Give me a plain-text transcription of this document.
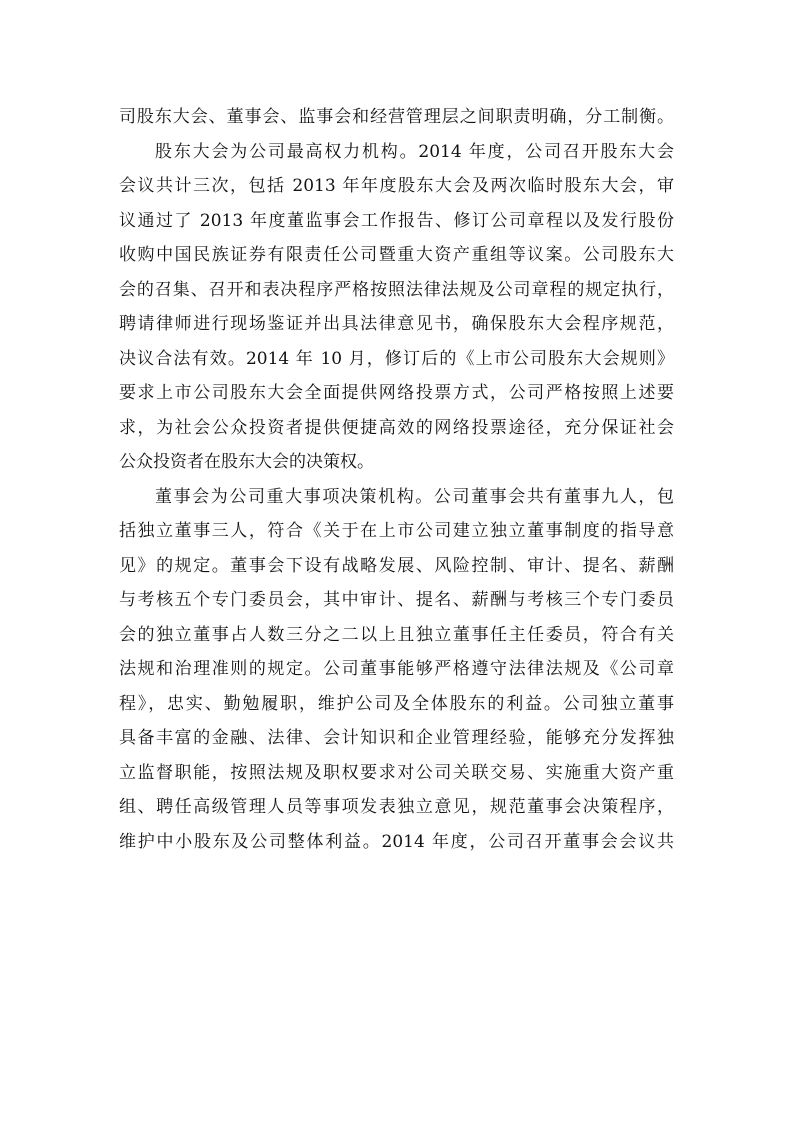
司股东大会、董事会、监事会和经营管理层之间职责明确，分工制衡。
股东大会为公司最高权力机构。2014 年度，公司召开股东大会
会议共计三次，包括 2013 年年度股东大会及两次临时股东大会，审
议通过了 2013 年度董监事会工作报告、修订公司章程以及发行股份
收购中国民族证券有限责任公司暨重大资产重组等议案。公司股东大
会的召集、召开和表决程序严格按照法律法规及公司章程的规定执行，
聘请律师进行现场鉴证并出具法律意见书，确保股东大会程序规范，
决议合法有效。2014 年 10 月，修订后的《上市公司股东大会规则》
要求上市公司股东大会全面提供网络投票方式，公司严格按照上述要
求，为社会公众投资者提供便捷高效的网络投票途径，充分保证社会
公众投资者在股东大会的决策权。
董事会为公司重大事项决策机构。公司董事会共有董事九人，包
括独立董事三人，符合《关于在上市公司建立独立董事制度的指导意
见》的规定。董事会下设有战略发展、风险控制、审计、提名、薪酬
与考核五个专门委员会，其中审计、提名、薪酬与考核三个专门委员
会的独立董事占人数三分之二以上且独立董事任主任委员，符合有关
法规和治理准则的规定。公司董事能够严格遵守法律法规及《公司章
程》，忠实、勤勉履职，维护公司及全体股东的利益。公司独立董事
具备丰富的金融、法律、会计知识和企业管理经验，能够充分发挥独
立监督职能，按照法规及职权要求对公司关联交易、实施重大资产重
组、聘任高级管理人员等事项发表独立意见，规范董事会决策程序，
维护中小股东及公司整体利益。2014 年度，公司召开董事会会议共
